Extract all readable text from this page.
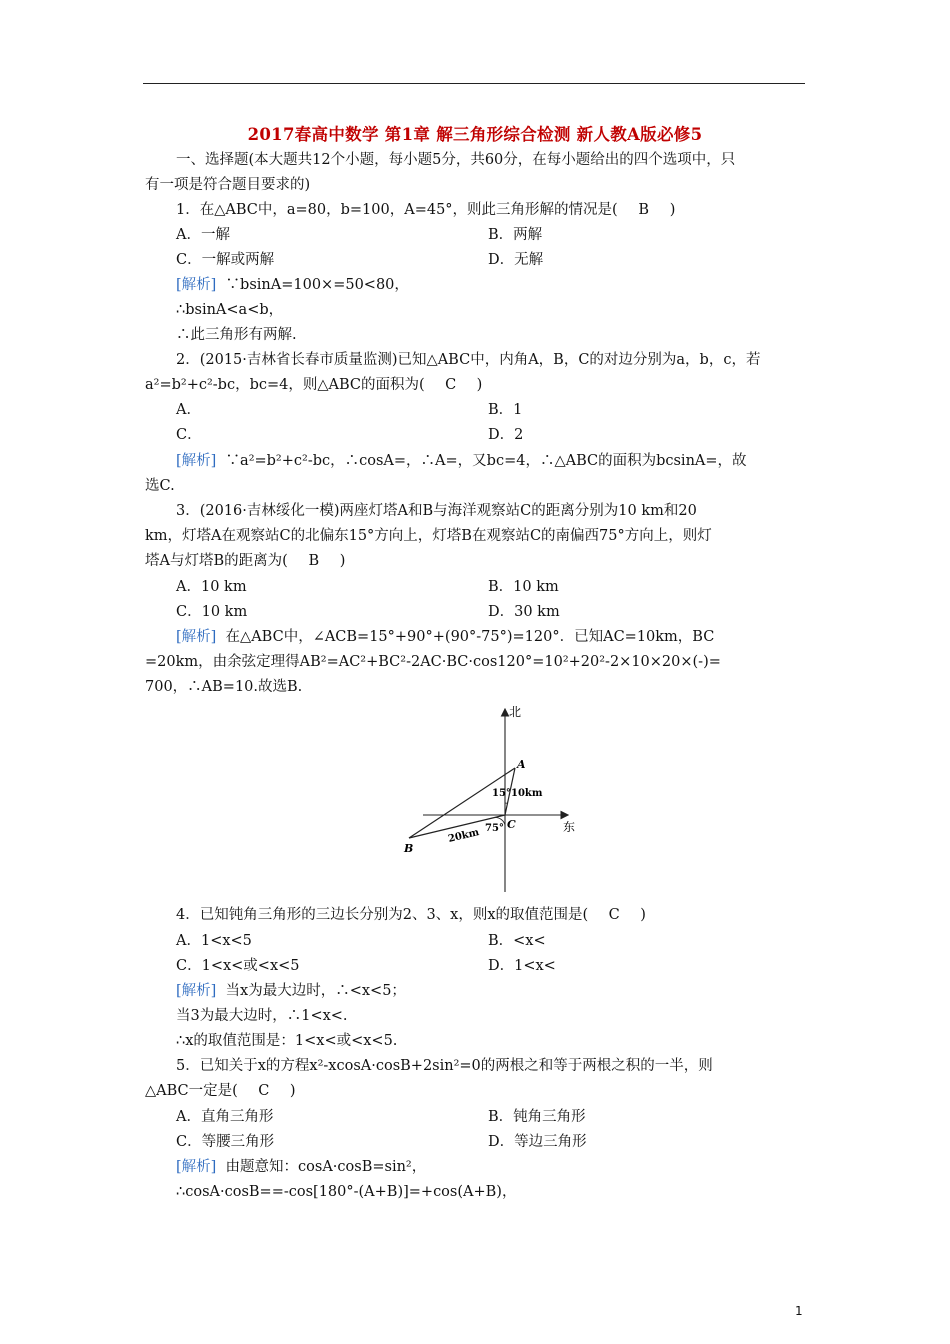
2017春高中数学 第1章 解三角形综合检测 新人教A版必修5
一、选择题(本大题共12个小题，每小题5分，共60分，在每小题给出的四个选项中，只
有一项是符合题目要求的)
1．在△ABC中，a=80，b=100，A=45°，则此三角形解的情况是( B )
A．一解	B．两解
C．一解或两解	D．无解
[解析] ∵bsinA=100×=50<80，
∴bsinA<a<b，
∴此三角形有两解.
2．(2015·吉林省长春市质量监测)已知△ABC中，内角A，B，C的对边分别为a，b，c，若
a²=b²+c²-bc，bc=4，则△ABC的面积为( C )
A．	B．1
C．	D．2
[解析] ∵a²=b²+c²-bc，∴cosA=，∴A=，又bc=4，∴△ABC的面积为bcsinA=，故
选C.
3．(2016·吉林绥化一模)两座灯塔A和B与海洋观察站C的距离分别为10 km和20
km，灯塔A在观察站C的北偏东15°方向上，灯塔B在观察站C的南偏西75°方向上，则灯
塔A与灯塔B的距离为( B )
A．10 km	B．10 km
C．10 km	D．30 km
[解析] 在△ABC中，∠ACB=15°+90°+(90°-75°)=120°．已知AC=10km，BC
=20km，由余弦定理得AB²=AC²+BC²-2AC·BC·cos120°=10²+20²-2×10×20×(-)=
700，∴AB=10.故选B.
北
东
A
B
C
15° 10km
20km 75°
4．已知钝角三角形的三边长分别为2、3、x，则x的取值范围是( C )
A．1<x<5	B．<x<
C．1<x<或<x<5	D．1<x<
[解析] 当x为最大边时，∴<x<5；
当3为最大边时，∴1<x<.
∴x的取值范围是：1<x<或<x<5.
5．已知关于x的方程x²-xcosA·cosB+2sin²=0的两根之和等于两根之积的一半，则
△ABC一定是( C )
A．直角三角形	B．钝角三角形
C．等腰三角形	D．等边三角形
[解析] 由题意知：cosA·cosB=sin²，
∴cosA·cosB==-cos[180°-(A+B)]=+cos(A+B)，
1
